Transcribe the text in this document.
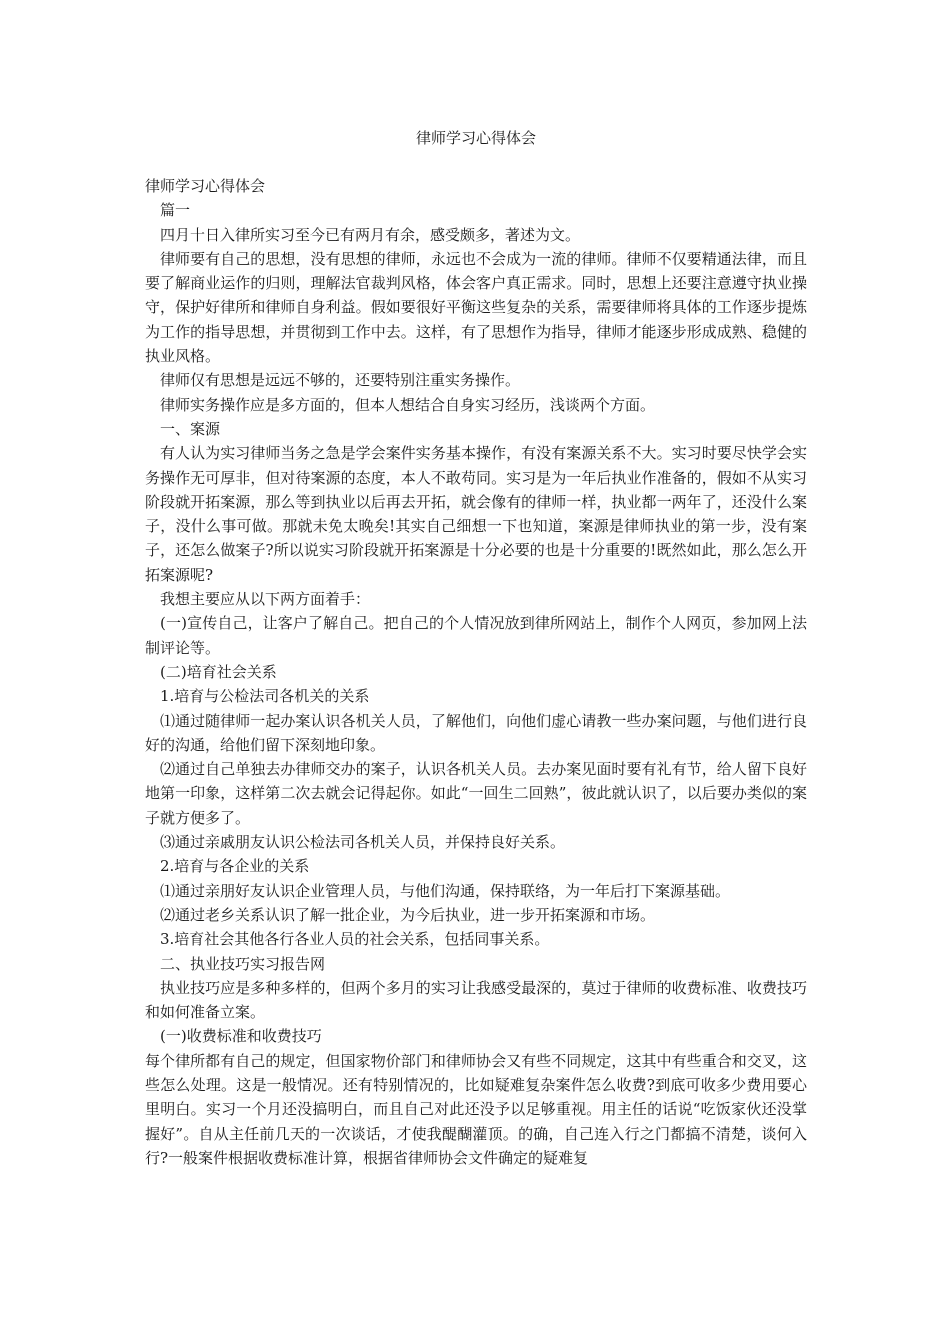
律师学习心得体会

律师学习心得体会

篇一

四月十日入律所实习至今已有两月有余，感受颇多，著述为文。

律师要有自己的思想，没有思想的律师，永远也不会成为一流的律师。律师不仅要精通法律，而且要了解商业运作的归则，理解法官裁判风格，体会客户真正需求。同时，思想上还要注意遵守执业操守，保护好律所和律师自身利益。假如要很好平衡这些复杂的关系，需要律师将具体的工作逐步提炼为工作的指导思想，并贯彻到工作中去。这样，有了思想作为指导，律师才能逐步形成成熟、稳健的执业风格。

律师仅有思想是远远不够的，还要特别注重实务操作。

律师实务操作应是多方面的，但本人想结合自身实习经历，浅谈两个方面。

一、案源

有人认为实习律师当务之急是学会案件实务基本操作，有没有案源关系不大。实习时要尽快学会实务操作无可厚非，但对待案源的态度，本人不敢苟同。实习是为一年后执业作准备的，假如不从实习阶段就开拓案源，那么等到执业以后再去开拓，就会像有的律师一样，执业都一两年了，还没什么案子，没什么事可做。那就未免太晚矣!其实自己细想一下也知道，案源是律师执业的第一步，没有案子，还怎么做案子?所以说实习阶段就开拓案源是十分必要的也是十分重要的!既然如此，那么怎么开拓案源呢?

我想主要应从以下两方面着手：

(一)宣传自己，让客户了解自己。把自己的个人情况放到律所网站上，制作个人网页，参加网上法制评论等。

(二)培育社会关系

1.培育与公检法司各机关的关系

⑴通过随律师一起办案认识各机关人员，了解他们，向他们虚心请教一些办案问题，与他们进行良好的沟通，给他们留下深刻地印象。

⑵通过自己单独去办律师交办的案子，认识各机关人员。去办案见面时要有礼有节，给人留下良好地第一印象，这样第二次去就会记得起你。如此“一回生二回熟”，彼此就认识了，以后要办类似的案子就方便多了。

⑶通过亲戚朋友认识公检法司各机关人员，并保持良好关系。

2.培育与各企业的关系

⑴通过亲朋好友认识企业管理人员，与他们沟通，保持联络，为一年后打下案源基础。

⑵通过老乡关系认识了解一批企业，为今后执业，进一步开拓案源和市场。

3.培育社会其他各行各业人员的社会关系，包括同事关系。

二、执业技巧实习报告网

执业技巧应是多种多样的，但两个多月的实习让我感受最深的，莫过于律师的收费标准、收费技巧和如何准备立案。

(一)收费标准和收费技巧

每个律所都有自己的规定，但国家物价部门和律师协会又有些不同规定，这其中有些重合和交叉，这些怎么处理。这是一般情况。还有特别情况的，比如疑难复杂案件怎么收费?到底可收多少费用要心里明白。实习一个月还没搞明白，而且自己对此还没予以足够重视。用主任的话说“吃饭家伙还没掌握好”。自从主任前几天的一次谈话，才使我醍醐灌顶。的确，自己连入行之门都搞不清楚，谈何入行?一般案件根据收费标准计算，根据省律师协会文件确定的疑难复
